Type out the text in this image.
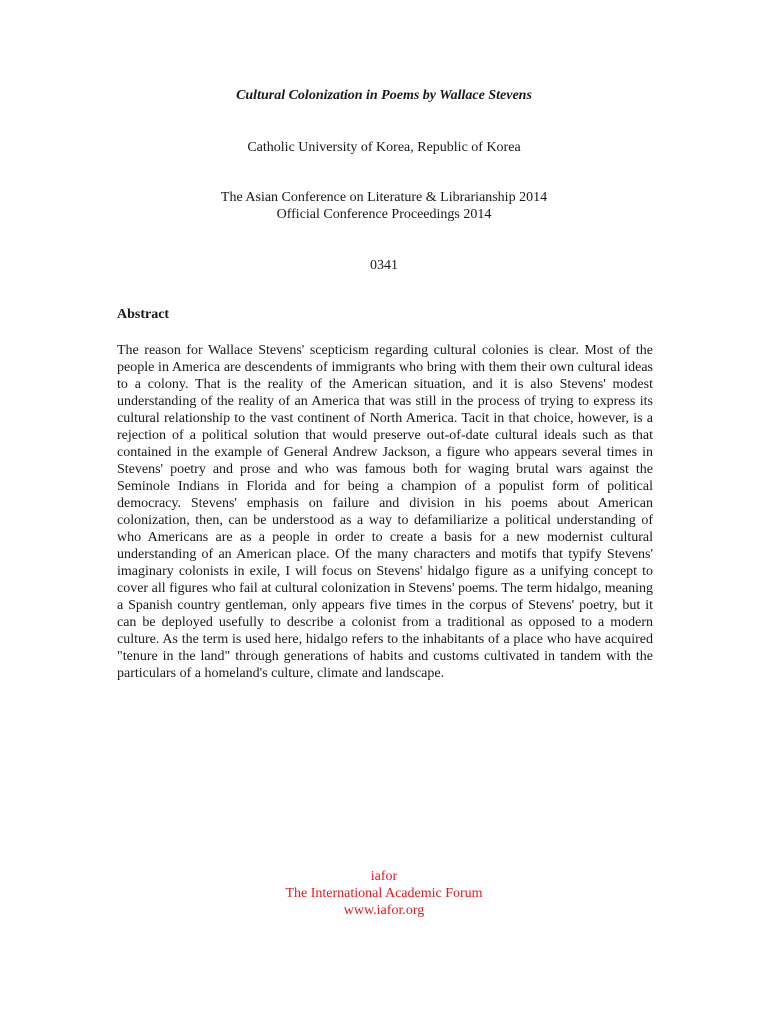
Cultural Colonization in Poems by Wallace Stevens
Catholic University of Korea, Republic of Korea
The Asian Conference on Literature & Librarianship 2014
Official Conference Proceedings 2014
0341
Abstract

The reason for Wallace Stevens' scepticism regarding cultural colonies is clear. Most of the people in America are descendents of immigrants who bring with them their own cultural ideas to a colony. That is the reality of the American situation, and it is also Stevens' modest understanding of the reality of an America that was still in the process of trying to express its cultural relationship to the vast continent of North America. Tacit in that choice, however, is a rejection of a political solution that would preserve out-of-date cultural ideals such as that contained in the example of General Andrew Jackson, a figure who appears several times in Stevens' poetry and prose and who was famous both for waging brutal wars against the Seminole Indians in Florida and for being a champion of a populist form of political democracy. Stevens' emphasis on failure and division in his poems about American colonization, then, can be understood as a way to defamiliarize a political understanding of who Americans are as a people in order to create a basis for a new modernist cultural understanding of an American place. Of the many characters and motifs that typify Stevens' imaginary colonists in exile, I will focus on Stevens' hidalgo figure as a unifying concept to cover all figures who fail at cultural colonization in Stevens' poems. The term hidalgo, meaning a Spanish country gentleman, only appears five times in the corpus of Stevens' poetry, but it can be deployed usefully to describe a colonist from a traditional as opposed to a modern culture. As the term is used here, hidalgo refers to the inhabitants of a place who have acquired "tenure in the land" through generations of habits and customs cultivated in tandem with the particulars of a homeland's culture, climate and landscape.

iafor
The International Academic Forum
www.iafor.org
